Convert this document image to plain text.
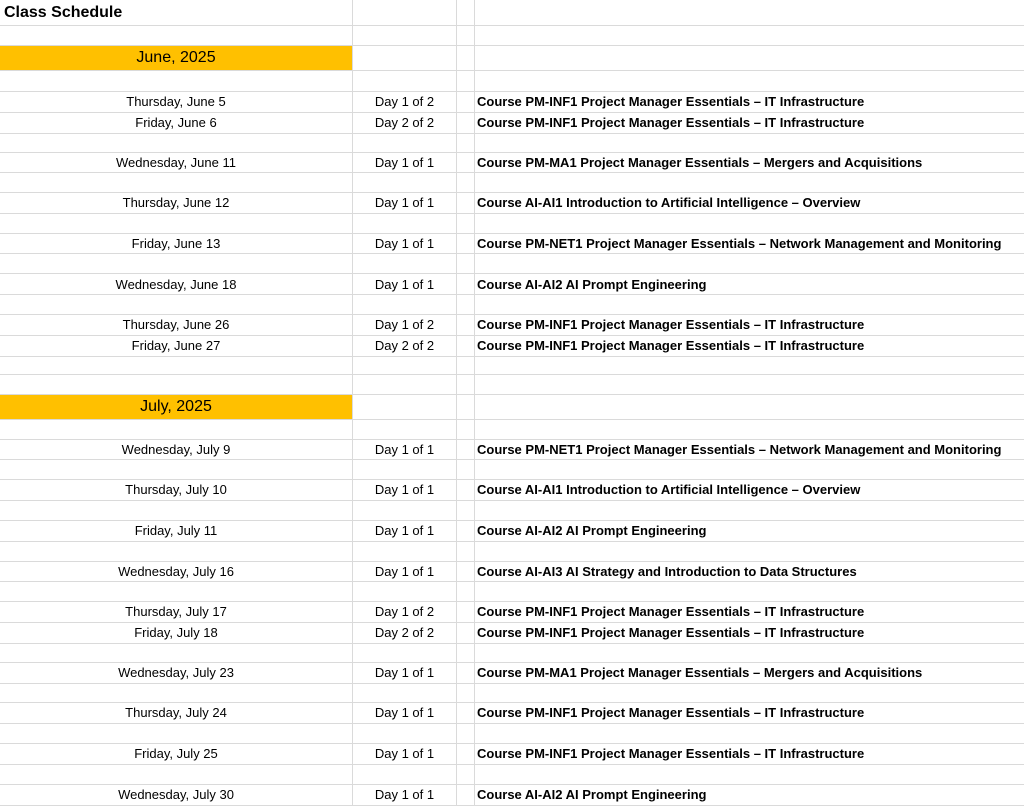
Class Schedule
June, 2025
July, 2025
Thursday, June 5	Day 1 of 2	Course PM-INF1 Project Manager Essentials – IT Infrastructure
Friday, June 6	Day 2 of 2	Course PM-INF1 Project Manager Essentials – IT Infrastructure
Wednesday, June 11	Day 1 of 1	Course PM-MA1 Project Manager Essentials – Mergers and Acquisitions
Thursday, June 12	Day 1 of 1	Course AI-AI1 Introduction to Artificial Intelligence – Overview
Friday, June 13	Day 1 of 1	Course PM-NET1 Project Manager Essentials – Network Management and Monitoring
Wednesday, June 18	Day 1 of 1	Course AI-AI2 AI Prompt Engineering
Thursday, June 26	Day 1 of 2	Course PM-INF1 Project Manager Essentials – IT Infrastructure
Friday, June 27	Day 2 of 2	Course PM-INF1 Project Manager Essentials – IT Infrastructure
Wednesday, July 9	Day 1 of 1	Course PM-NET1 Project Manager Essentials – Network Management and Monitoring
Thursday, July 10	Day 1 of 1	Course AI-AI1 Introduction to Artificial Intelligence – Overview
Friday, July 11	Day 1 of 1	Course AI-AI2 AI Prompt Engineering
Wednesday, July 16	Day 1 of 1	Course AI-AI3 AI Strategy and Introduction to Data Structures
Thursday, July 17	Day 1 of 2	Course PM-INF1 Project Manager Essentials – IT Infrastructure
Friday, July 18	Day 2 of 2	Course PM-INF1 Project Manager Essentials – IT Infrastructure
Wednesday, July 23	Day 1 of 1	Course PM-MA1 Project Manager Essentials – Mergers and Acquisitions
Thursday, July 24	Day 1 of 1	Course PM-INF1 Project Manager Essentials – IT Infrastructure
Friday, July 25	Day 1 of 1	Course PM-INF1 Project Manager Essentials – IT Infrastructure
Wednesday, July 30	Day 1 of 1	Course AI-AI2 AI Prompt Engineering
